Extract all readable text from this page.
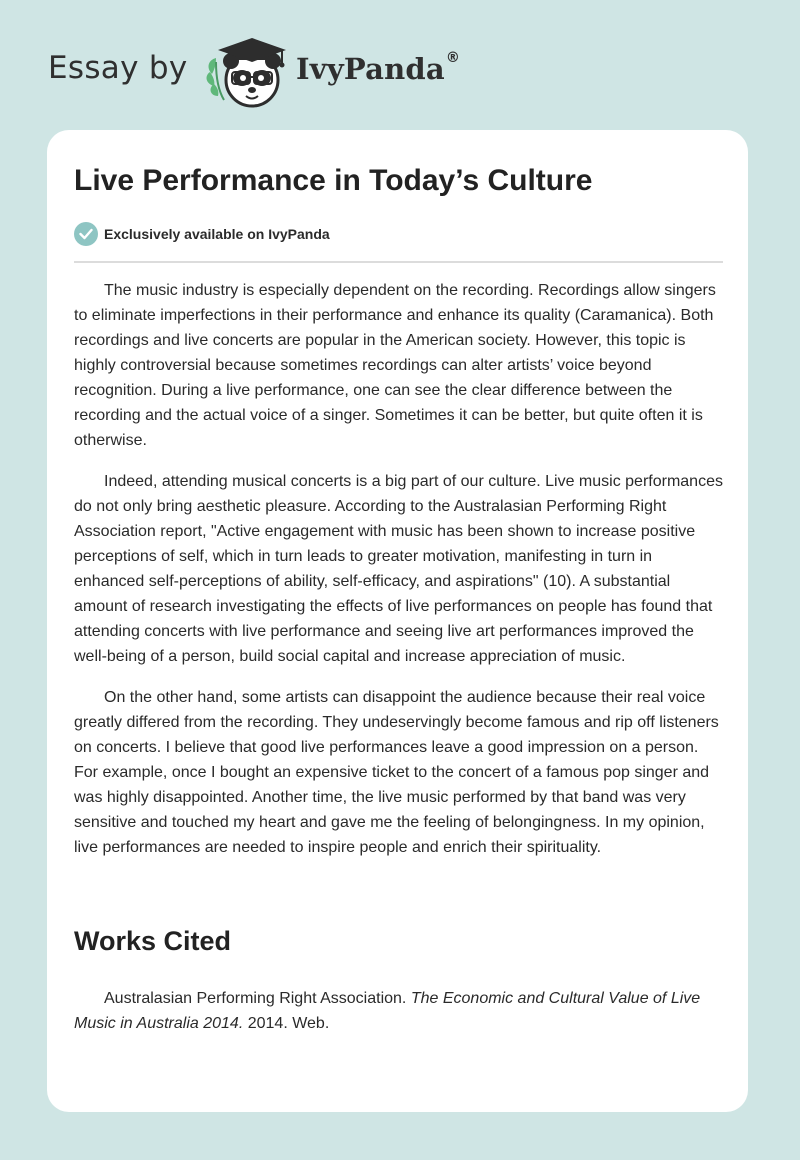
Essay by	IvyPanda®
Live Performance in Today’s Culture
Exclusively available on IvyPanda

The music industry is especially dependent on the recording. Recordings allow singers to eliminate imperfections in their performance and enhance its quality (Caramanica). Both recordings and live concerts are popular in the American society. However, this topic is highly controversial because sometimes recordings can alter artists’ voice beyond recognition. During a live performance, one can see the clear difference between the recording and the actual voice of a singer. Sometimes it can be better, but quite often it is otherwise.

Indeed, attending musical concerts is a big part of our culture. Live music performances do not only bring aesthetic pleasure. According to the Australasian Performing Right Association report, "Active engagement with music has been shown to increase positive perceptions of self, which in turn leads to greater motivation, manifesting in turn in enhanced self-perceptions of ability, self-efficacy, and aspirations" (10). A substantial amount of research investigating the effects of live performances on people has found that attending concerts with live performance and seeing live art performances improved the well-being of a person, build social capital and increase appreciation of music.

On the other hand, some artists can disappoint the audience because their real voice greatly differed from the recording. They undeservingly become famous and rip off listeners on concerts. I believe that good live performances leave a good impression on a person. For example, once I bought an expensive ticket to the concert of a famous pop singer and was highly disappointed. Another time, the live music performed by that band was very sensitive and touched my heart and gave me the feeling of belongingness. In my opinion, live performances are needed to inspire people and enrich their spirituality.

Works Cited

Australasian Performing Right Association. The Economic and Cultural Value of Live Music in Australia 2014. 2014. Web.
